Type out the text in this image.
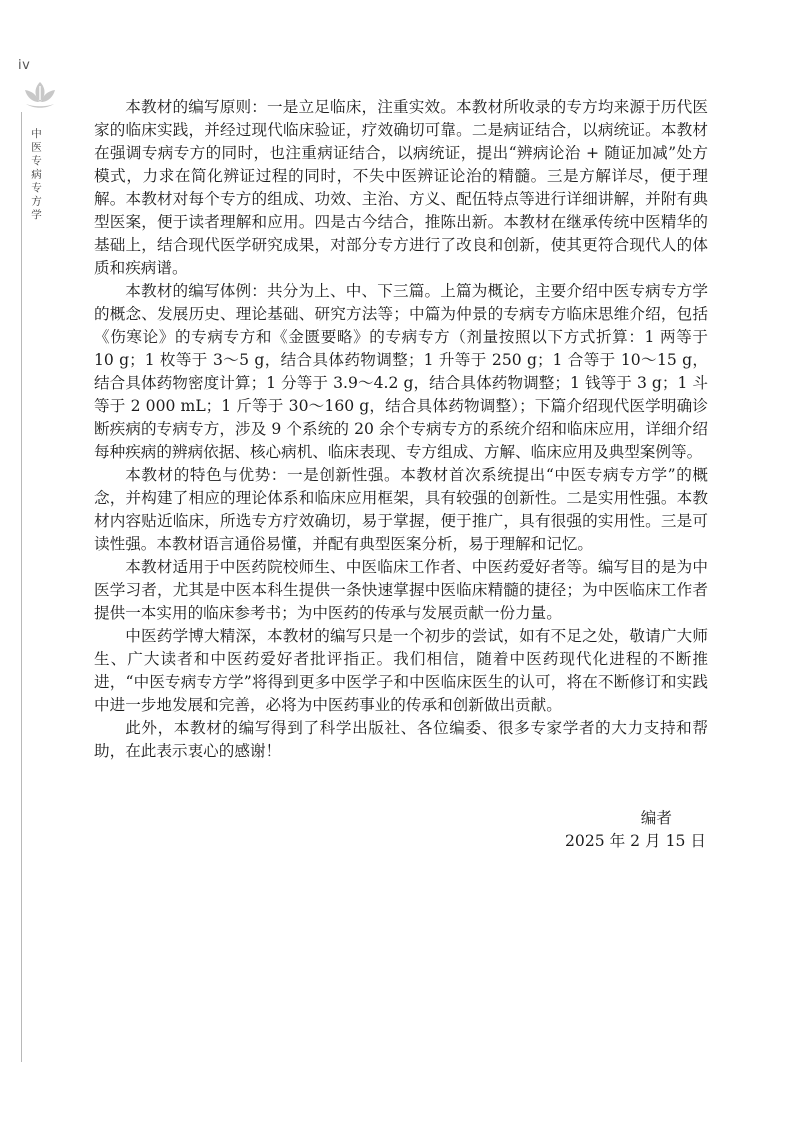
iv
中医专病专方学

本教材的编写原则：一是立足临床，注重实效。本教材所收录的专方均来源于历代医家的临床实践，并经过现代临床验证，疗效确切可靠。二是病证结合，以病统证。本教材在强调专病专方的同时，也注重病证结合，以病统证，提出“辨病论治 + 随证加减”处方模式，力求在简化辨证过程的同时，不失中医辨证论治的精髓。三是方解详尽，便于理解。本教材对每个专方的组成、功效、主治、方义、配伍特点等进行详细讲解，并附有典型医案，便于读者理解和应用。四是古今结合，推陈出新。本教材在继承传统中医精华的基础上，结合现代医学研究成果，对部分专方进行了改良和创新，使其更符合现代人的体质和疾病谱。

本教材的编写体例：共分为上、中、下三篇。上篇为概论，主要介绍中医专病专方学的概念、发展历史、理论基础、研究方法等；中篇为仲景的专病专方临床思维介绍，包括《伤寒论》的专病专方和《金匮要略》的专病专方（剂量按照以下方式折算：1 两等于 10 g；1 枚等于 3～5 g，结合具体药物调整；1 升等于 250 g；1 合等于 10～15 g，结合具体药物密度计算；1 分等于 3.9～4.2 g，结合具体药物调整；1 钱等于 3 g；1 斗等于 2 000 mL；1 斤等于 30～160 g，结合具体药物调整）；下篇介绍现代医学明确诊断疾病的专病专方，涉及 9 个系统的 20 余个专病专方的系统介绍和临床应用，详细介绍每种疾病的辨病依据、核心病机、临床表现、专方组成、方解、临床应用及典型案例等。

本教材的特色与优势：一是创新性强。本教材首次系统提出“中医专病专方学”的概念，并构建了相应的理论体系和临床应用框架，具有较强的创新性。二是实用性强。本教材内容贴近临床，所选专方疗效确切，易于掌握，便于推广，具有很强的实用性。三是可读性强。本教材语言通俗易懂，并配有典型医案分析，易于理解和记忆。

本教材适用于中医药院校师生、中医临床工作者、中医药爱好者等。编写目的是为中医学习者，尤其是中医本科生提供一条快速掌握中医临床精髓的捷径；为中医临床工作者提供一本实用的临床参考书；为中医药的传承与发展贡献一份力量。

中医药学博大精深，本教材的编写只是一个初步的尝试，如有不足之处，敬请广大师生、广大读者和中医药爱好者批评指正。我们相信，随着中医药现代化进程的不断推进，“中医专病专方学”将得到更多中医学子和中医临床医生的认可，将在不断修订和实践中进一步地发展和完善，必将为中医药事业的传承和创新做出贡献。

此外，本教材的编写得到了科学出版社、各位编委、很多专家学者的大力支持和帮助，在此表示衷心的感谢！

编者
2025 年 2 月 15 日
